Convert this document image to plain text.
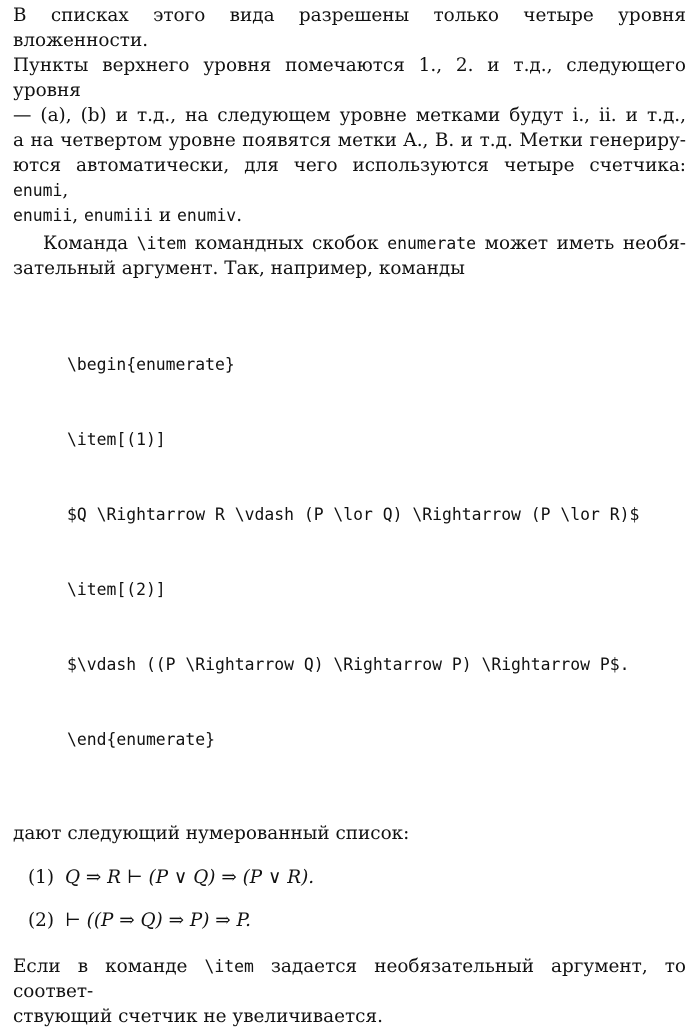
В списках этого вида разрешены только четыре уровня вложенности.
Пункты верхнего уровня помечаются 1., 2. и т.д., следующего уровня
— (a), (b) и т.д., на следующем уровне метками будут i., ii. и т.д.,
а на четвертом уровне появятся метки A., B. и т.д. Метки генериру-
ются автоматически, для чего используются четыре счетчика: enumi,
enumii, enumiii и enumiv.

Команда \item командных скобок enumerate может иметь необя-
зательный аргумент. Так, например, команды

\begin{enumerate}

\item[(1)]

$Q \Rightarrow R \vdash (P \lor Q) \Rightarrow (P \lor R)$

\item[(2)]

$\vdash ((P \Rightarrow Q) \Rightarrow P) \Rightarrow P$.

\end{enumerate}

дают следующий нумерованный список:

(1) Q ⇒ R ⊢ (P ∨ Q) ⇒ (P ∨ R).
(2) ⊢ ((P ⇒ Q) ⇒ P) ⇒ P.

Если в команде \item задается необязательный аргумент, то соответ-
ствующий счетчик не увеличивается.
